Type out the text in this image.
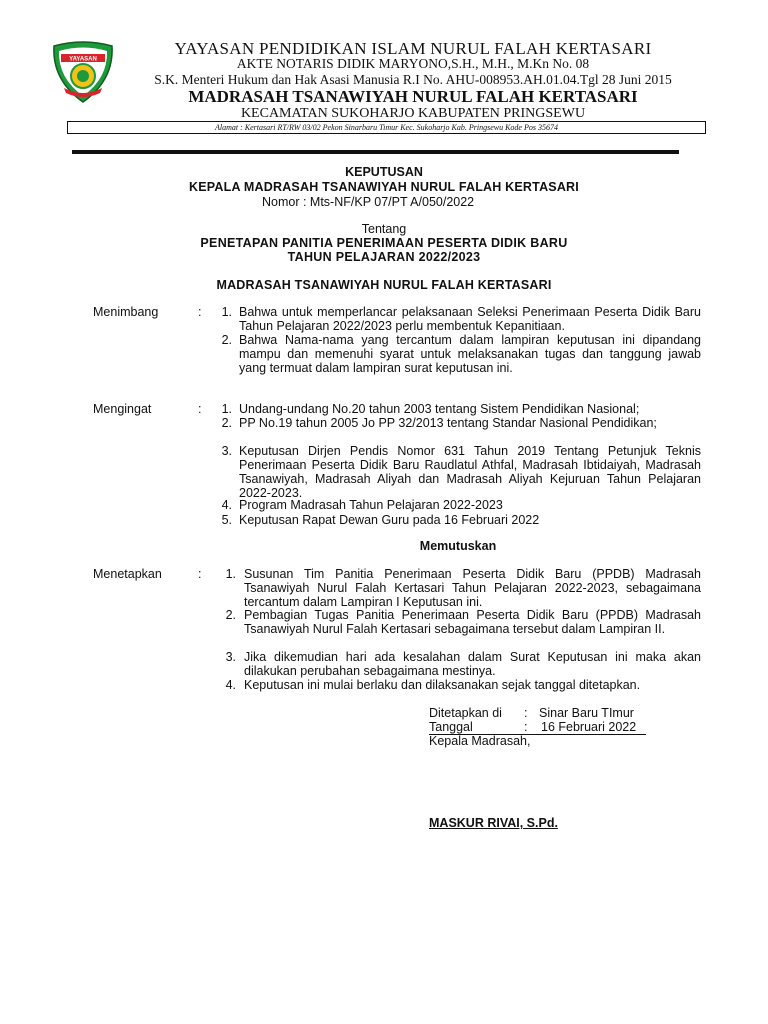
YAYASAN
YAYASAN PENDIDIKAN ISLAM NURUL FALAH KERTASARI
AKTE NOTARIS DIDIK MARYONO,S.H., M.H., M.Kn No. 08
S.K. Menteri Hukum dan Hak Asasi Manusia R.I No. AHU-008953.AH.01.04.Tgl 28 Juni 2015
MADRASAH TSANAWIYAH NURUL FALAH KERTASARI
KECAMATAN SUKOHARJO KABUPATEN PRINGSEWU
Alamat : Kertasari RT/RW 03/02 Pekon Sinarbaru Timur Kec. Sukoharjo Kab. Pringsewu Kode Pos 35674
KEPUTUSAN
KEPALA MADRASAH TSANAWIYAH NURUL FALAH KERTASARI
Nomor : Mts-NF/KP 07/PT A/050/2022
Tentang
PENETAPAN PANITIA PENERIMAAN PESERTA DIDIK BARU
TAHUN PELAJARAN 2022/2023
MADRASAH TSANAWIYAH NURUL FALAH KERTASARI
Menimbang	: 1. Bahwa untuk memperlancar pelaksanaan Seleksi Penerimaan Peserta Didik Baru Tahun Pelajaran 2022/2023 perlu membentuk Kepanitiaan.
2. Bahwa Nama-nama yang tercantum dalam lampiran keputusan ini dipandang mampu dan memenuhi syarat untuk melaksanakan tugas dan tanggung jawab yang termuat dalam lampiran surat keputusan ini.
Mengingat	: 1. Undang-undang No.20 tahun 2003 tentang Sistem Pendidikan Nasional;
2. PP No.19 tahun 2005 Jo PP 32/2013 tentang Standar Nasional Pendidikan;
3. Keputusan Dirjen Pendis Nomor 631 Tahun 2019 Tentang Petunjuk Teknis Penerimaan Peserta Didik Baru Raudlatul Athfal, Madrasah Ibtidaiyah, Madrasah Tsanawiyah, Madrasah Aliyah dan Madrasah Aliyah Kejuruan Tahun Pelajaran 2022-2023.
4. Program Madrasah Tahun Pelajaran 2022-2023
5. Keputusan Rapat Dewan Guru pada 16 Februari 2022
Memutuskan
Menetapkan	: 1. Susunan Tim Panitia Penerimaan Peserta Didik Baru (PPDB) Madrasah Tsanawiyah Nurul Falah Kertasari Tahun Pelajaran 2022-2023, sebagaimana tercantum dalam Lampiran I Keputusan ini.
2. Pembagian Tugas Panitia Penerimaan Peserta Didik Baru (PPDB) Madrasah Tsanawiyah Nurul Falah Kertasari sebagaimana tersebut dalam Lampiran II.
3. Jika dikemudian hari ada kesalahan dalam Surat Keputusan ini maka akan dilakukan perubahan sebagaimana mestinya.
4. Keputusan ini mulai berlaku dan dilaksanakan sejak tanggal ditetapkan.
Ditetapkan di : Sinar Baru TImur
Tanggal	: 16 Februari 2022
Kepala Madrasah,
MASKUR RIVAI, S.Pd.
